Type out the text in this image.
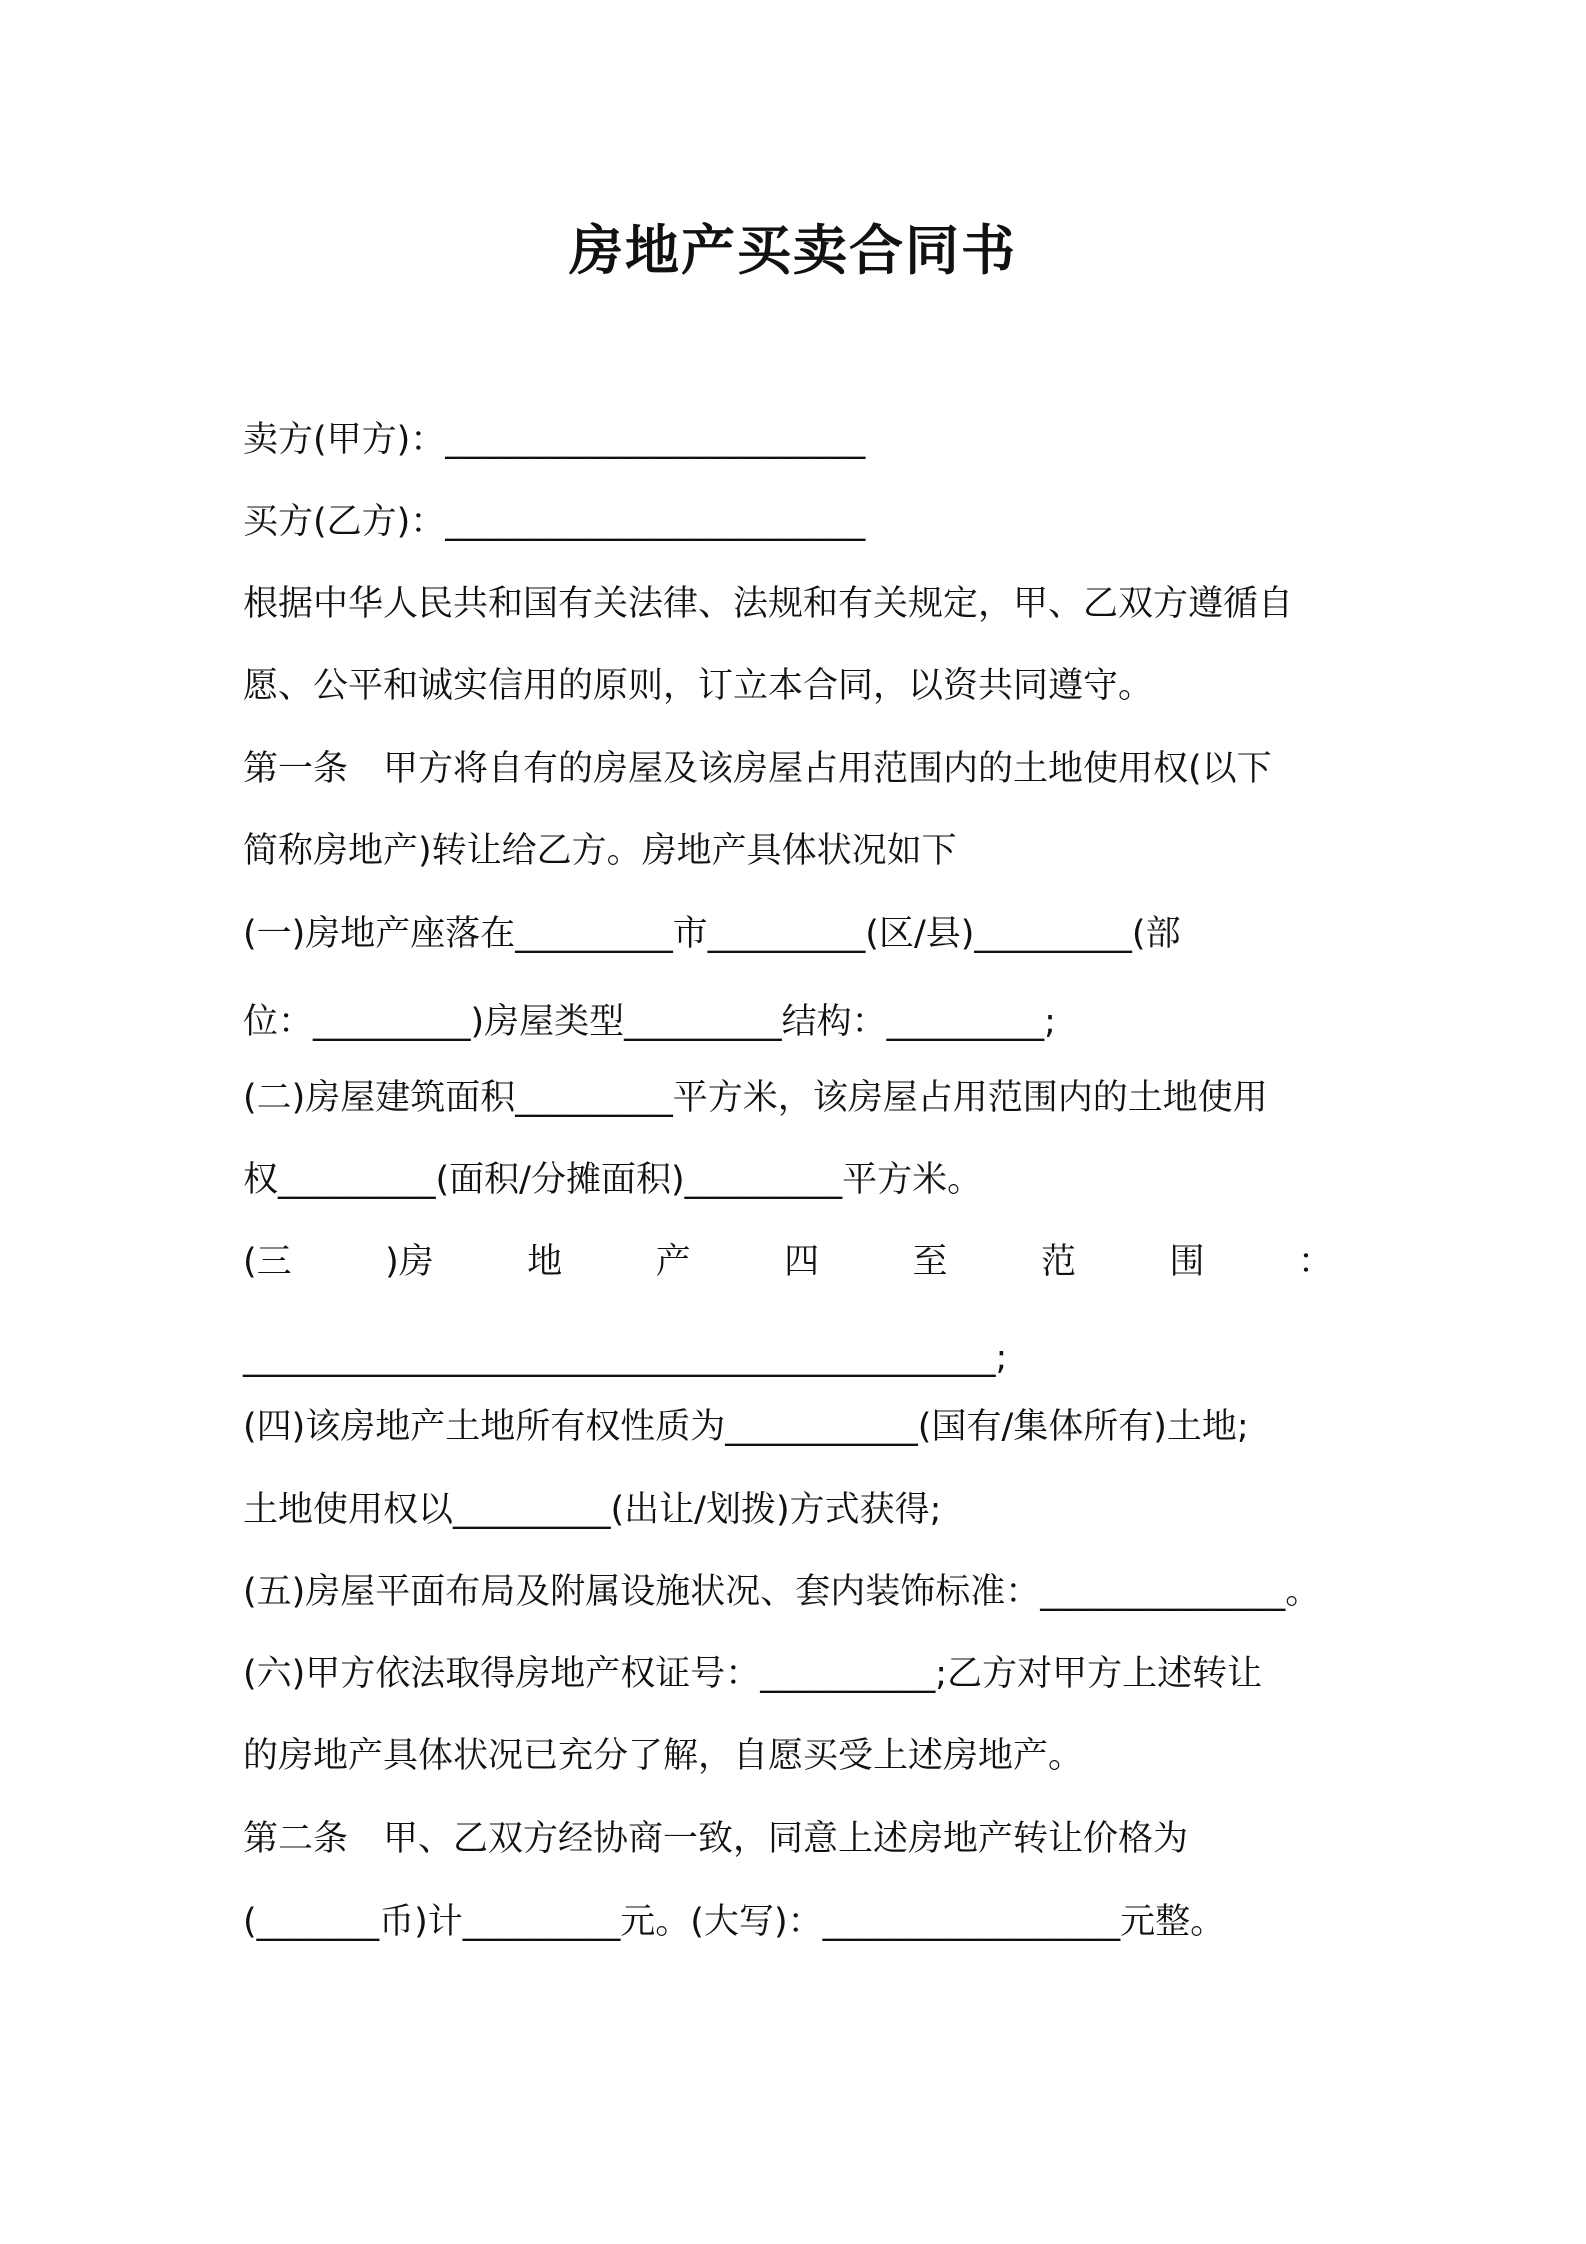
房地产买卖合同书
卖方(甲方)：________________________
买方(乙方)：________________________
根据中华人民共和国有关法律、法规和有关规定，甲、乙双方遵循自
愿、公平和诚实信用的原则，订立本合同，以资共同遵守。
第一条　甲方将自有的房屋及该房屋占用范围内的土地使用权(以下
简称房地产)转让给乙方。房地产具体状况如下
(一)房地产座落在_________市_________(区/县)_________(部
位：_________)房屋类型_________结构：_________;
(二)房屋建筑面积_________平方米，该房屋占用范围内的土地使用
权_________(面积/分摊面积)_________平方米。
(三	)房	地	产	四	至	范	围	：
___________________________________________;
(四)该房地产土地所有权性质为___________(国有/集体所有)土地;
土地使用权以_________(出让/划拨)方式获得;
(五)房屋平面布局及附属设施状况、套内装饰标准：______________。
(六)甲方依法取得房地产权证号：__________;乙方对甲方上述转让
的房地产具体状况已充分了解，自愿买受上述房地产。
第二条　甲、乙双方经协商一致，同意上述房地产转让价格为
(_______币)计_________元。(大写)：_________________元整。
